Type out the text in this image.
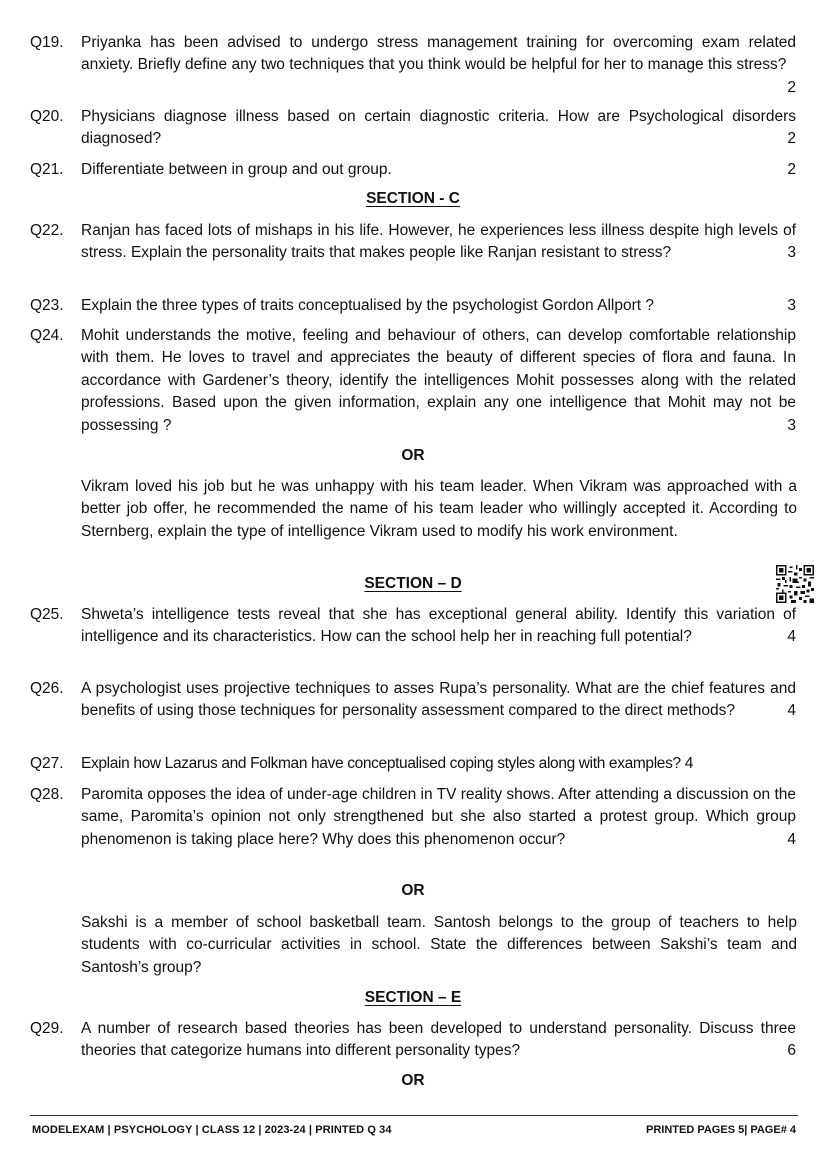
Q19.	Priyanka has been advised to undergo stress management training for overcoming exam related anxiety. Briefly define any two techniques that you think would be helpful for her to manage this stress?
2
Q20.	Physicians diagnose illness based on certain diagnostic criteria. How are Psychological disorders diagnosed?	2
Q21.	Differentiate between in group and out group.	2
SECTION - C
Q22.	Ranjan has faced lots of mishaps in his life. However, he experiences less illness despite high levels of stress. Explain the personality traits that makes people like Ranjan resistant to stress?	3
Q23.	Explain the three types of traits conceptualised by the psychologist Gordon Allport ?	3
Q24.	Mohit understands the motive, feeling and behaviour of others, can develop comfortable relationship with them. He loves to travel and appreciates the beauty of different species of flora and fauna. In accordance with Gardener’s theory, identify the intelligences Mohit possesses along with the related professions. Based upon the given information, explain any one intelligence that Mohit may not be possessing ?	3
OR
Vikram loved his job but he was unhappy with his team leader. When Vikram was approached with a better job offer, he recommended the name of his team leader who willingly accepted it. According to Sternberg, explain the type of intelligence Vikram used to modify his work environment.
SECTION – D
Q25.	Shweta’s intelligence tests reveal that she has exceptional general ability. Identify this variation of intelligence and its characteristics. How can the school help her in reaching full potential?	4
Q26.	A psychologist uses projective techniques to asses Rupa’s personality. What are the chief features and benefits of using those techniques for personality assessment compared to the direct methods?	4
Q27.	Explain how Lazarus and Folkman have conceptualised coping styles along with examples? 4
Q28.	Paromita opposes the idea of under-age children in TV reality shows. After attending a discussion on the same, Paromita’s opinion not only strengthened but she also started a protest group. Which group phenomenon is taking place here? Why does this phenomenon occur?	4
OR
Sakshi is a member of school basketball team. Santosh belongs to the group of teachers to help students with co-curricular activities in school. State the differences between Sakshi’s team and Santosh’s group?
SECTION – E
Q29.	A number of research based theories has been developed to understand personality. Discuss three theories that categorize humans into different personality types?	6
OR
MODELEXAM | PSYCHOLOGY | CLASS 12 | 2023-24 | PRINTED Q 34	PRINTED PAGES 5| PAGE# 4
